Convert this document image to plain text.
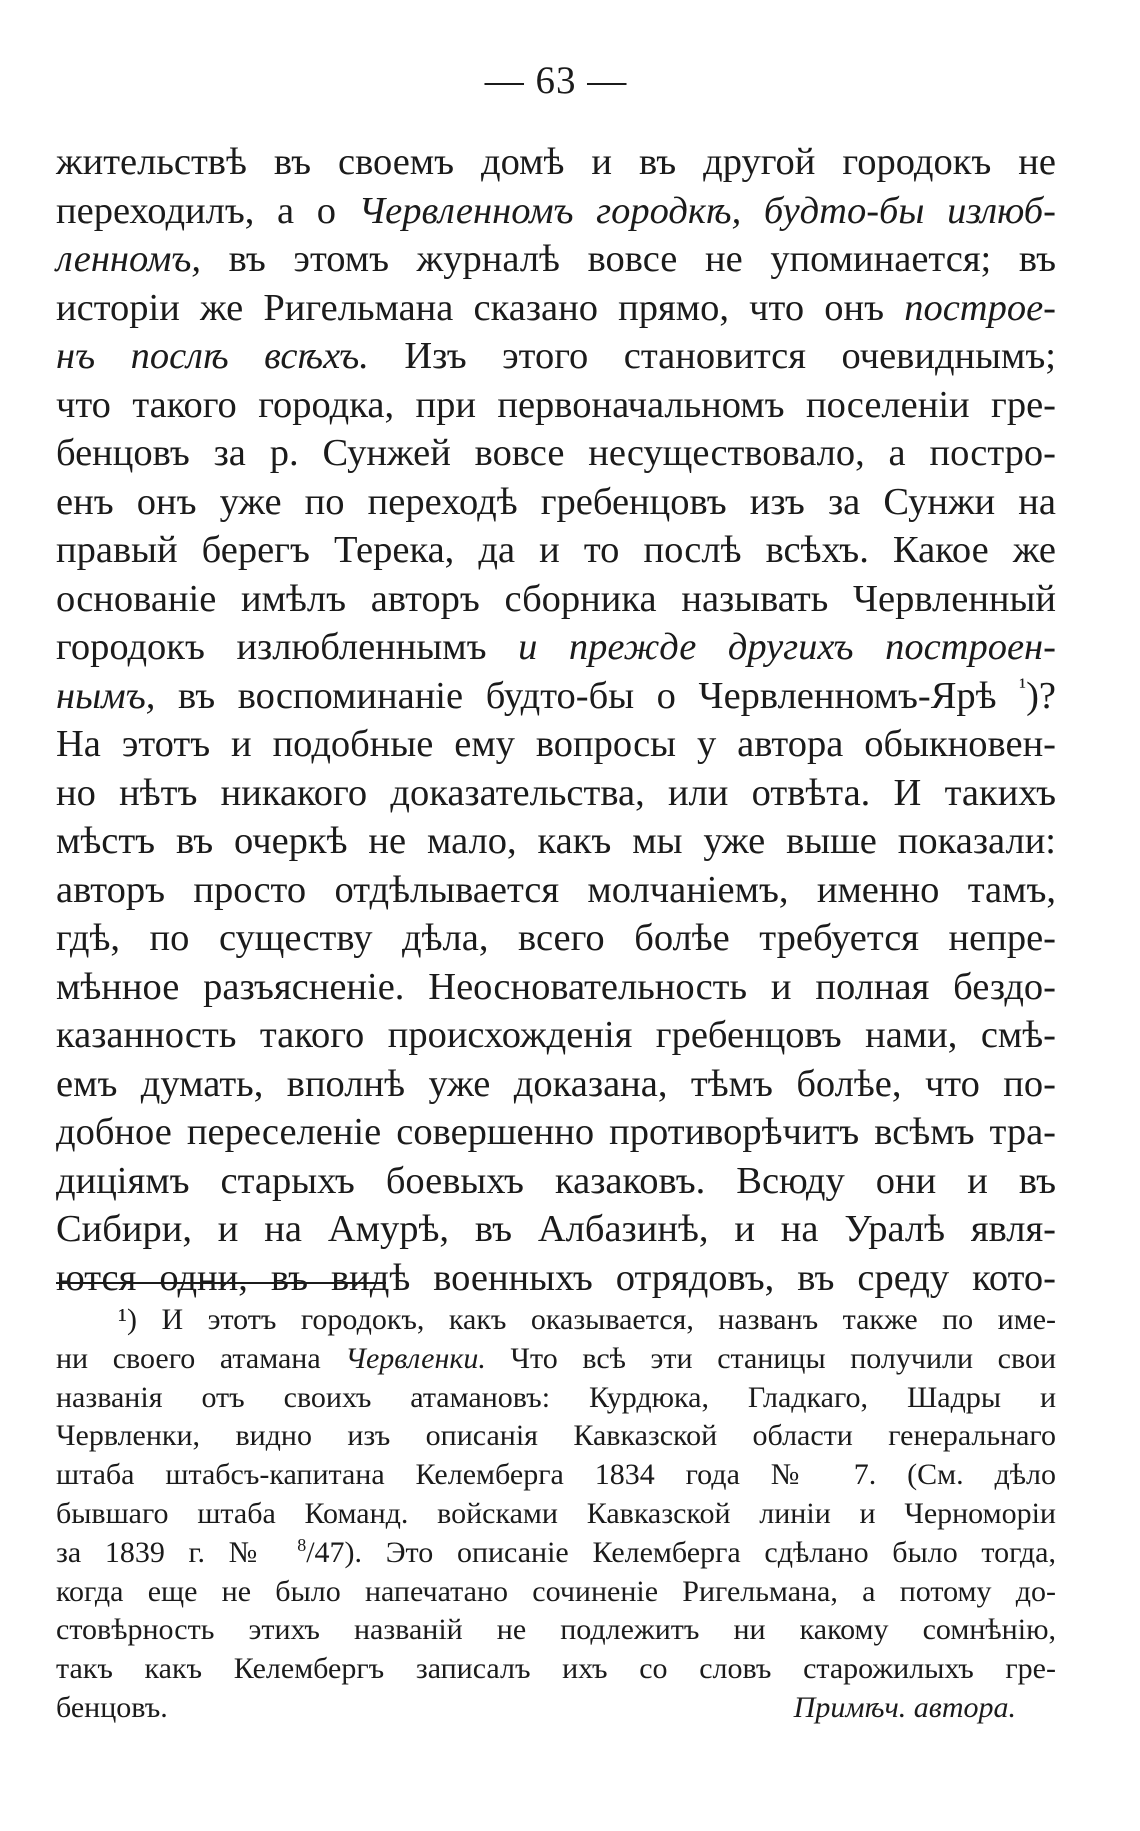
— 63 —
жительствѣ въ своемъ домѣ и въ другой городокъ не
переходилъ, а о Червленномъ городкѣ, будто-бы излюб-
ленномъ, въ этомъ журналѣ вовсе не упоминается; въ
исторіи же Ригельмана сказано прямо, что онъ построе-
нъ послѣ всѣхъ. Изъ этого становится очевиднымъ;
что такого городка, при первоначальномъ поселеніи гре-
бенцовъ за р. Сунжей вовсе несуществовало, а постро-
енъ онъ уже по переходѣ гребенцовъ изъ за Сунжи на
правый берегъ Терека, да и то послѣ всѣхъ. Какое же
основаніе имѣлъ авторъ сборника называть Червленный
городокъ излюбленнымъ и прежде другихъ построен-
нымъ, въ воспоминаніе будто-бы о Червленномъ-Ярѣ $^{^1}$)?
На этотъ и подобные ему вопросы у автора обыкновен-
но нѣтъ никакого доказательства, или отвѣта. И такихъ
мѣстъ въ очеркѣ не мало, какъ мы уже выше показали:
авторъ просто отдѣлывается молчаніемъ, именно тамъ,
гдѣ, по существу дѣла, всего болѣе требуется непре-
мѣнное разъясненіе. Неосновательность и полная бездо-
казанность такого происхожденія гребенцовъ нами, смѣ-
емъ думать, вполнѣ уже доказана, тѣмъ болѣе, что по-
добное переселеніе совершенно противорѣчитъ всѣмъ тра-
диціямъ старыхъ боевыхъ казаковъ. Всюду они и въ
Сибири, и на Амурѣ, въ Албазинѣ, и на Уралѣ явля-
ются одни, въ видѣ военныхъ отрядовъ, въ среду кото-
¹) И этотъ городокъ, какъ оказывается, названъ также по име-
ни своего атамана Червленки. Что всѣ эти станицы получили свои
названія отъ своихъ атамановъ: Курдюка, Гладкаго, Шадры и
Червленки, видно изъ описанія Кавказской области генеральнаго
штаба штабсъ-капитана Келемберга 1834 года № 7. (См. дѣло
бывшаго штаба Команд. войсками Кавказской линіи и Черноморіи
за 1839 г. № $^8$/47). Это описаніе Келемберга сдѣлано было тогда,
когда еще не было напечатано сочиненіе Ригельмана, а потому до-
стовѣрность этихъ названій не подлежитъ ни какому сомнѣнію,
такъ какъ Келембергъ записалъ ихъ со словъ старожилыхъ гре-
бенцовъ.	Примѣч. автора.
